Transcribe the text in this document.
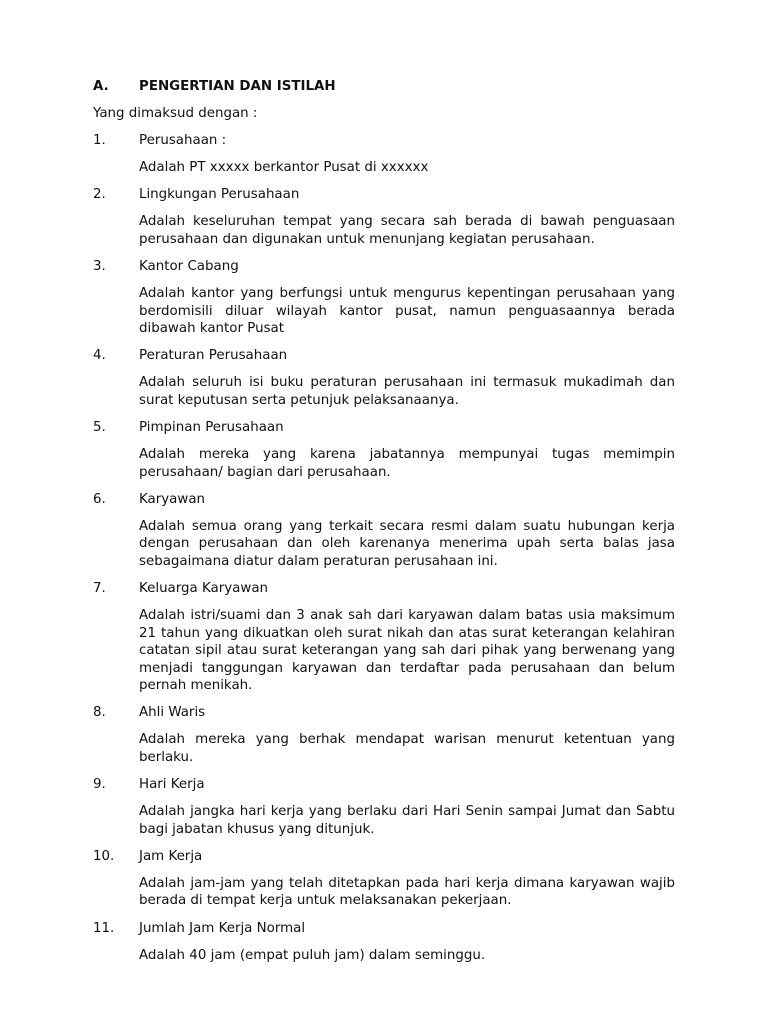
A.	PENGERTIAN DAN ISTILAH
Yang dimaksud dengan :
1.	Perusahaan :
Adalah PT xxxxx berkantor Pusat di xxxxxx
2.	Lingkungan Perusahaan
Adalah keseluruhan tempat yang secara sah berada di bawah penguasaan perusahaan dan digunakan untuk menunjang kegiatan perusahaan.
3.	Kantor Cabang
Adalah kantor yang berfungsi untuk mengurus kepentingan perusahaan yang berdomisili diluar wilayah kantor pusat, namun penguasaannya berada dibawah kantor Pusat
4.	Peraturan Perusahaan
Adalah seluruh isi buku peraturan perusahaan ini termasuk mukadimah dan surat keputusan serta petunjuk pelaksanaanya.
5.	Pimpinan Perusahaan
Adalah mereka yang karena jabatannya mempunyai tugas memimpin perusahaan/ bagian dari perusahaan.
6.	Karyawan
Adalah semua orang yang terkait secara resmi dalam suatu hubungan kerja dengan perusahaan dan oleh karenanya menerima upah serta balas jasa sebagaimana diatur dalam peraturan perusahaan ini.
7.	Keluarga Karyawan
Adalah istri/suami dan 3 anak sah dari karyawan dalam batas usia maksimum 21 tahun yang dikuatkan oleh surat nikah dan atas surat keterangan kelahiran catatan sipil atau surat keterangan yang sah dari pihak yang berwenang yang menjadi tanggungan karyawan dan terdaftar pada perusahaan dan belum pernah menikah.
8.	Ahli Waris
Adalah mereka yang berhak mendapat warisan menurut ketentuan yang berlaku.
9.	Hari Kerja
Adalah jangka hari kerja yang berlaku dari Hari Senin sampai Jumat dan Sabtu bagi jabatan khusus yang ditunjuk.
10.	Jam Kerja
Adalah jam-jam yang telah ditetapkan pada hari kerja dimana karyawan wajib berada di tempat kerja untuk melaksanakan pekerjaan.
11.	Jumlah Jam Kerja Normal
Adalah 40 jam (empat puluh jam) dalam seminggu.
